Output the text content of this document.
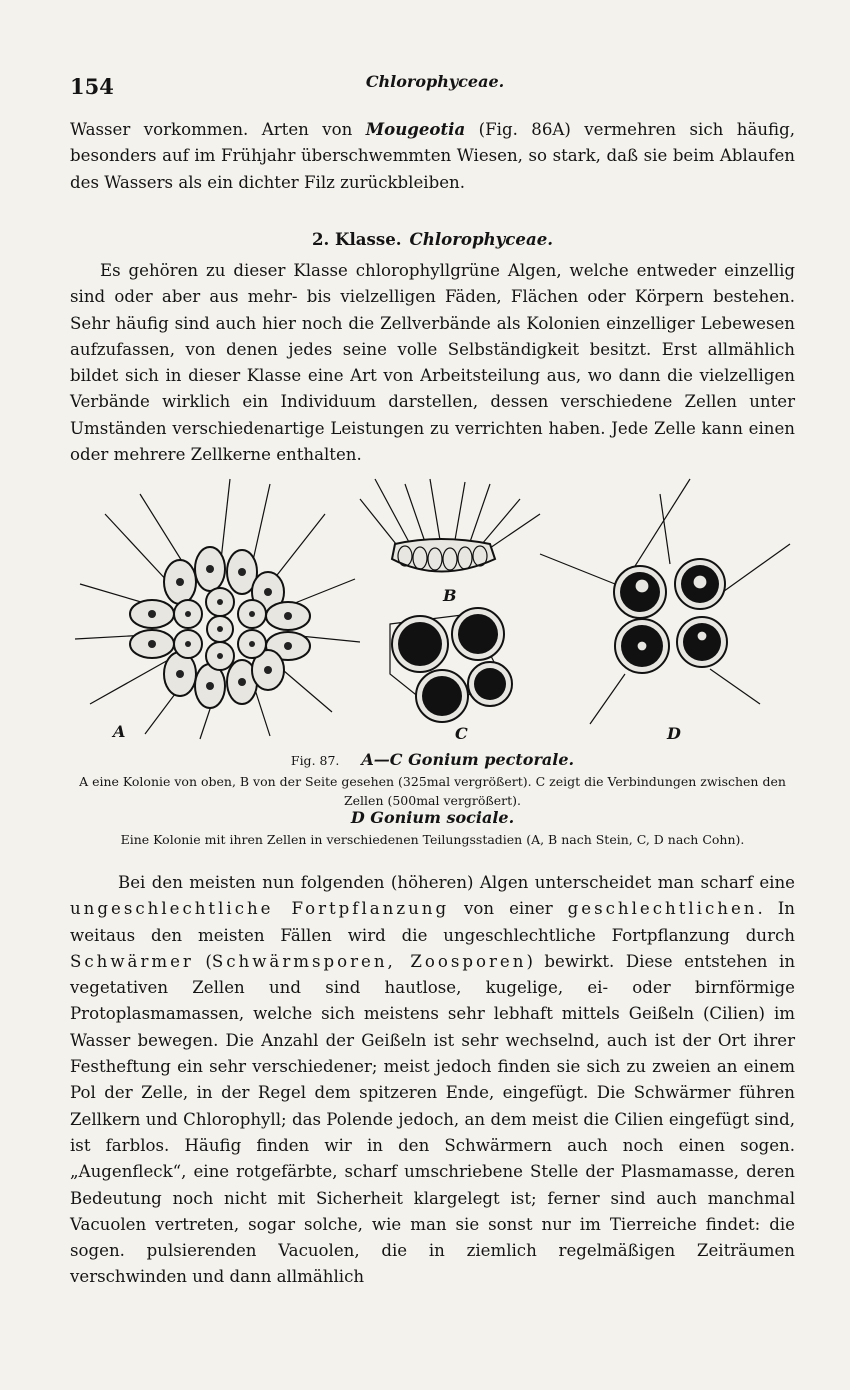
154	Chlorophyceae.

Wasser vorkommen. Arten von Mougeotia (Fig. 86A) vermehren sich häufig, besonders auf im Frühjahr überschwemmten Wiesen, so stark, daß sie beim Ablaufen des Wassers als ein dichter Filz zurückbleiben.

2. Klasse. Chlorophyceae.

Es gehören zu dieser Klasse chlorophyllgrüne Algen, welche entweder einzellig sind oder aber aus mehr- bis vielzelligen Fäden, Flächen oder Körpern bestehen. Sehr häufig sind auch hier noch die Zellverbände als Kolonien einzelliger Lebewesen aufzufassen, von denen jedes seine volle Selbständigkeit besitzt. Erst allmählich bildet sich in dieser Klasse eine Art von Arbeitsteilung aus, wo dann die vielzelligen Verbände wirklich ein Individuum darstellen, dessen verschiedene Zellen unter Umständen verschiedenartige Leistungen zu verrichten haben. Jede Zelle kann einen oder mehrere Zellkerne enthalten.

A
B
C	D

Fig. 87. A—C Gonium pectorale.

A eine Kolonie von oben, B von der Seite gesehen (325mal vergrößert). C zeigt die Verbindungen zwischen den Zellen (500mal vergrößert).

D Gonium sociale.

Eine Kolonie mit ihren Zellen in verschiedenen Teilungsstadien (A, B nach Stein, C, D nach Cohn).

Bei den meisten nun folgenden (höheren) Algen unterscheidet man scharf eine ungeschlechtliche Fortpflanzung von einer geschlechtlichen. In weitaus den meisten Fällen wird die ungeschlechtliche Fortpflanzung durch Schwärmer (Schwärmsporen, Zoosporen) bewirkt. Diese entstehen in vegetativen Zellen und sind hautlose, kugelige, ei- oder birnförmige Protoplasmamassen, welche sich meistens sehr lebhaft mittels Geißeln (Cilien) im Wasser bewegen. Die Anzahl der Geißeln ist sehr wechselnd, auch ist der Ort ihrer Festheftung ein sehr verschiedener; meist jedoch finden sie sich zu zweien an einem Pol der Zelle, in der Regel dem spitzeren Ende, eingefügt. Die Schwärmer führen Zellkern und Chlorophyll; das Polende jedoch, an dem meist die Cilien eingefügt sind, ist farblos. Häufig finden wir in den Schwärmern auch noch einen sogen. „Augenfleck“, eine rotgefärbte, scharf umschriebene Stelle der Plasmamasse, deren Bedeutung noch nicht mit Sicherheit klargelegt ist; ferner sind auch manchmal Vacuolen vertreten, sogar solche, wie man sie sonst nur im Tierreiche findet: die sogen. pulsierenden Vacuolen, die in ziemlich regelmäßigen Zeiträumen verschwinden und dann allmählich
